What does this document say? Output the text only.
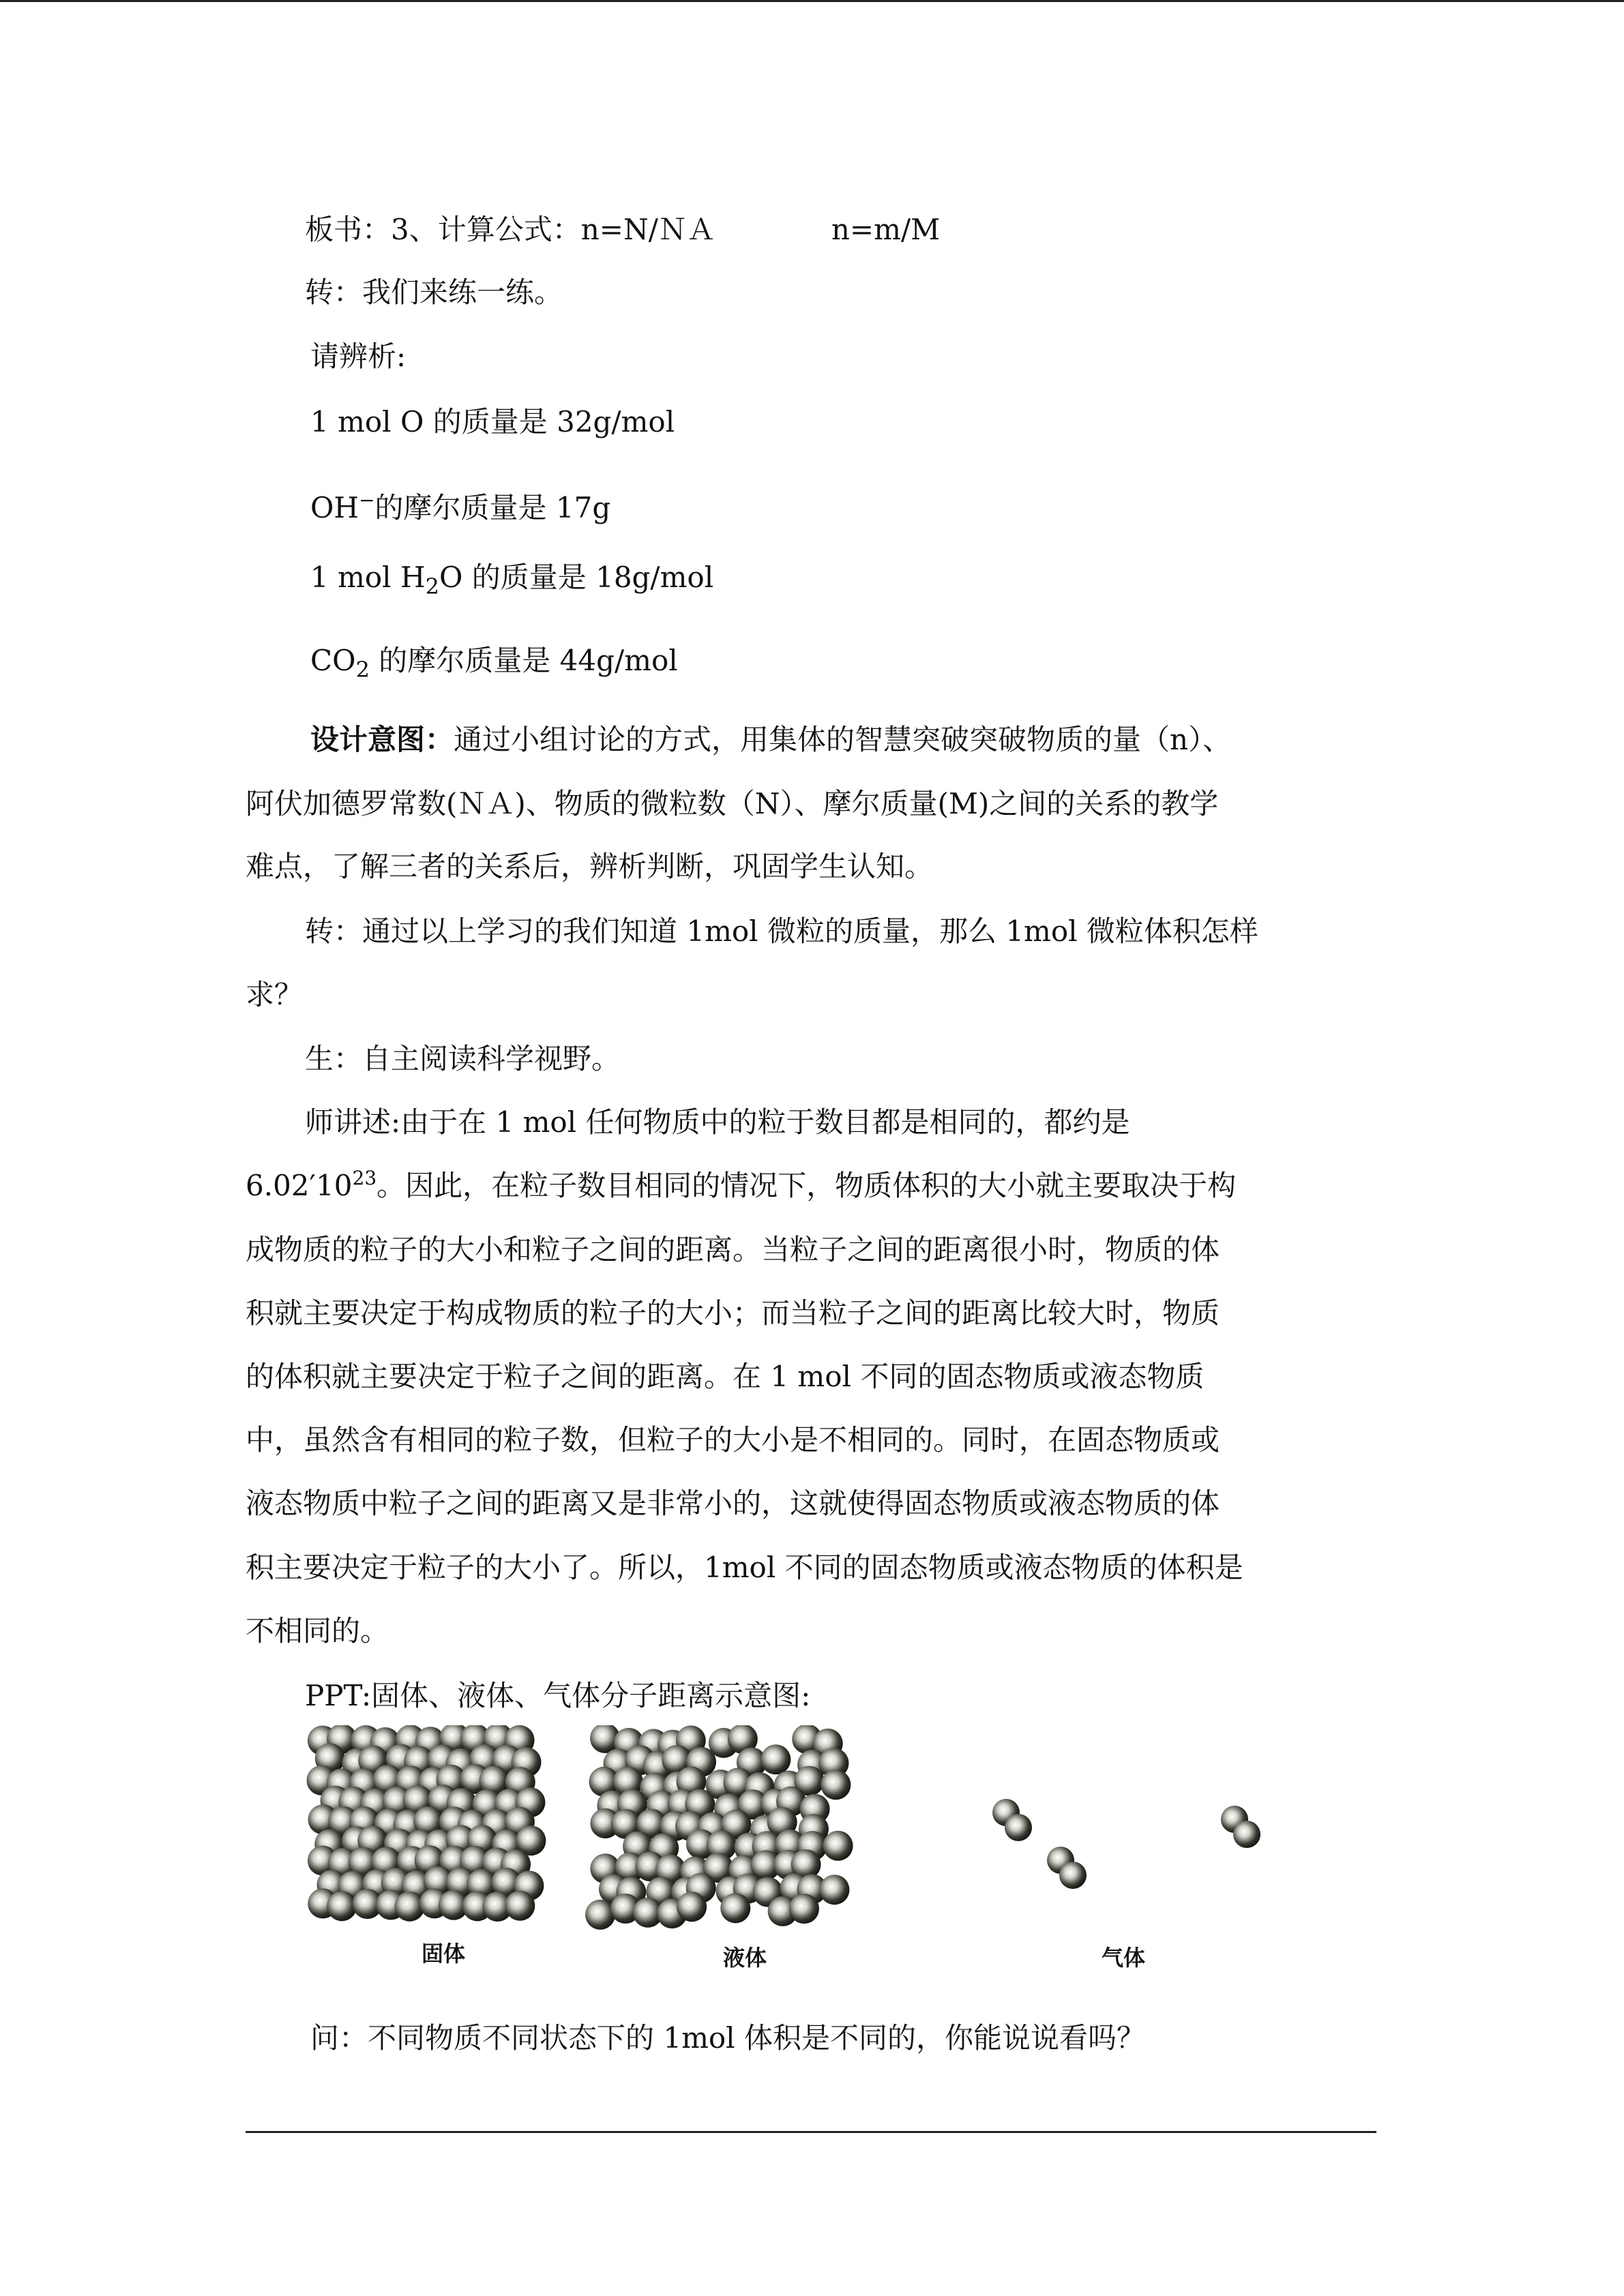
板书：3、计算公式：n=N/ＮＡ	n=m/M
转：我们来练一练。
请辨析:
1 mol O 的质量是 32g/mol
OH−的摩尔质量是 17g
1 mol $H_2O$ 的质量是 18g/mol
$CO_2$ 的摩尔质量是 44g/mol
设计意图：通过小组讨论的方式，用集体的智慧突破突破物质的量（n）、
阿伏加德罗常数(ＮＡ)、物质的微粒数（N）、摩尔质量(M)之间的关系的教学
难点，了解三者的关系后，辨析判断，巩固学生认知。
转：通过以上学习的我们知道 1mol 微粒的质量，那么 1mol 微粒体积怎样
求？
生：自主阅读科学视野。
师讲述:由于在 1 mol 任何物质中的粒于数目都是相同的，都约是
$6.02'10^{23}$。因此，在粒子数目相同的情况下，物质体积的大小就主要取决于构
成物质的粒子的大小和粒子之间的距离。当粒子之间的距离很小时，物质的体
积就主要决定于构成物质的粒子的大小；而当粒子之间的距离比较大时，物质
的体积就主要决定于粒子之间的距离。在 1 mol 不同的固态物质或液态物质
中，虽然含有相同的粒子数，但粒子的大小是不相同的。同时，在固态物质或
液态物质中粒子之间的距离又是非常小的，这就使得固态物质或液态物质的体
积主要决定于粒子的大小了。所以，1mol 不同的固态物质或液态物质的体积是
不相同的。
PPT:固体、液体、气体分子距离示意图:
固体	液体	气体
问：不同物质不同状态下的 1mol 体积是不同的，你能说说看吗？
